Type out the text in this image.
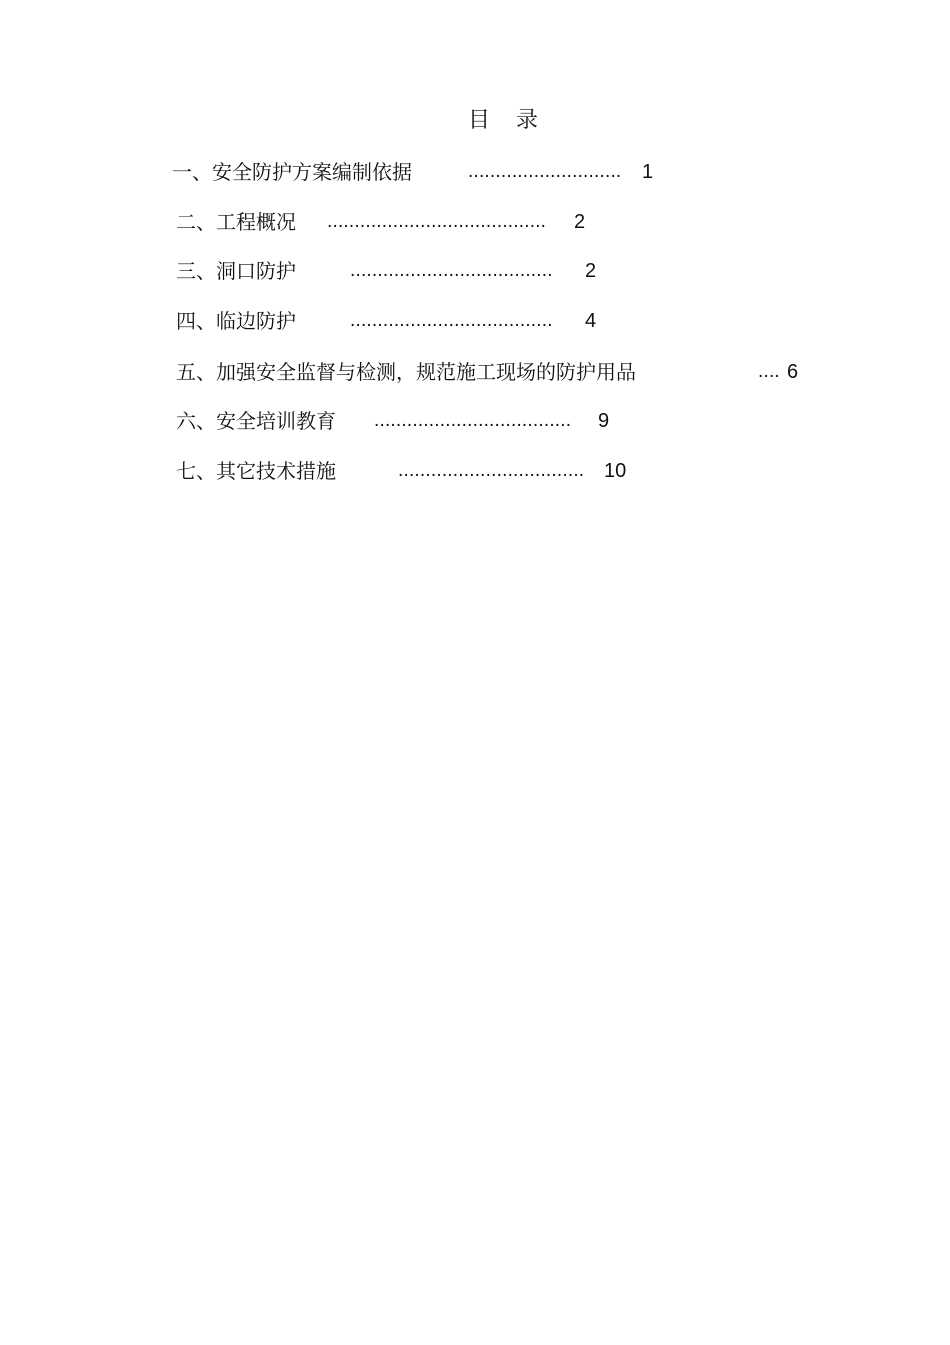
目录
一、安全防护方案编制依据	............................ 1
二、工程概况 ........................................ 2
三、洞口防护	..................................... 2
四、临边防护	..................................... 4
五、加强安全监督与检测，规范施工现场的防护用品	.... 6
六、安全培训教育 .................................... 9
七、其它技术措施	.................................. 10
